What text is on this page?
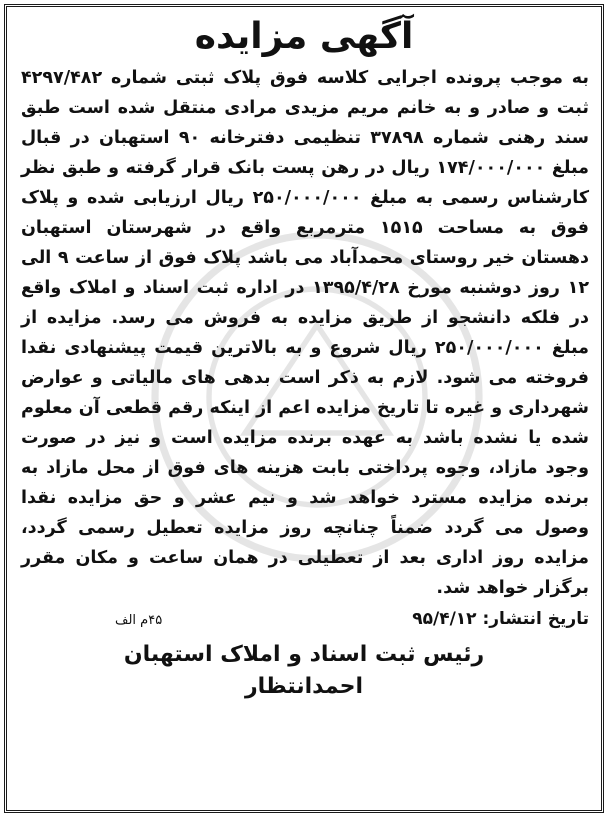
آگهی مزایده
به موجب پرونده اجرایی کلاسه فوق پلاک ثبتی شماره ۴۲۹۷/۴۸۲ ثبت و صادر و به خانم مریم مزیدی مرادی منتقل شده است طبق سند رهنی شماره ۳۷۸۹۸ تنظیمی دفترخانه ۹۰ استهبان در قبال مبلغ ۱۷۴/۰۰۰/۰۰۰ ریال در رهن پست بانک قرار گرفته و طبق نظر کارشناس رسمی به مبلغ ۲۵۰/۰۰۰/۰۰۰ ریال ارزیابی شده و پلاک فوق به مساحت ۱۵۱۵ مترمربع واقع در شهرستان استهبان دهستان خیر روستای محمدآباد می باشد پلاک فوق از ساعت ۹ الی ۱۲ روز دوشنبه مورخ ۱۳۹۵/۴/۲۸ در اداره ثبت اسناد و املاک واقع در فلکه دانشجو از طریق مزایده به فروش می رسد. مزایده از مبلغ ۲۵۰/۰۰۰/۰۰۰ ریال شروع و به بالاترین قیمت پیشنهادی نقدا فروخته می شود. لازم به ذکر است بدهی های مالیاتی و عوارض شهرداری و غیره تا تاریخ مزایده اعم از اینکه رقم قطعی آن معلوم شده یا نشده باشد به عهده برنده مزایده است و نیز در صورت وجود مازاد، وجوه پرداختی بابت هزینه های فوق از محل مازاد به برنده مزایده مسترد خواهد شد و نیم عشر و حق مزایده نقدا وصول می گردد ضمناً چنانچه روز مزایده تعطیل رسمی گردد، مزایده روز اداری بعد از تعطیلی در همان ساعت و مکان مقرر برگزار خواهد شد.
تاریخ انتشار: ۹۵/۴/۱۲
۴۵م الف
رئیس ثبت اسناد و املاک استهبان
احمدانتظار
